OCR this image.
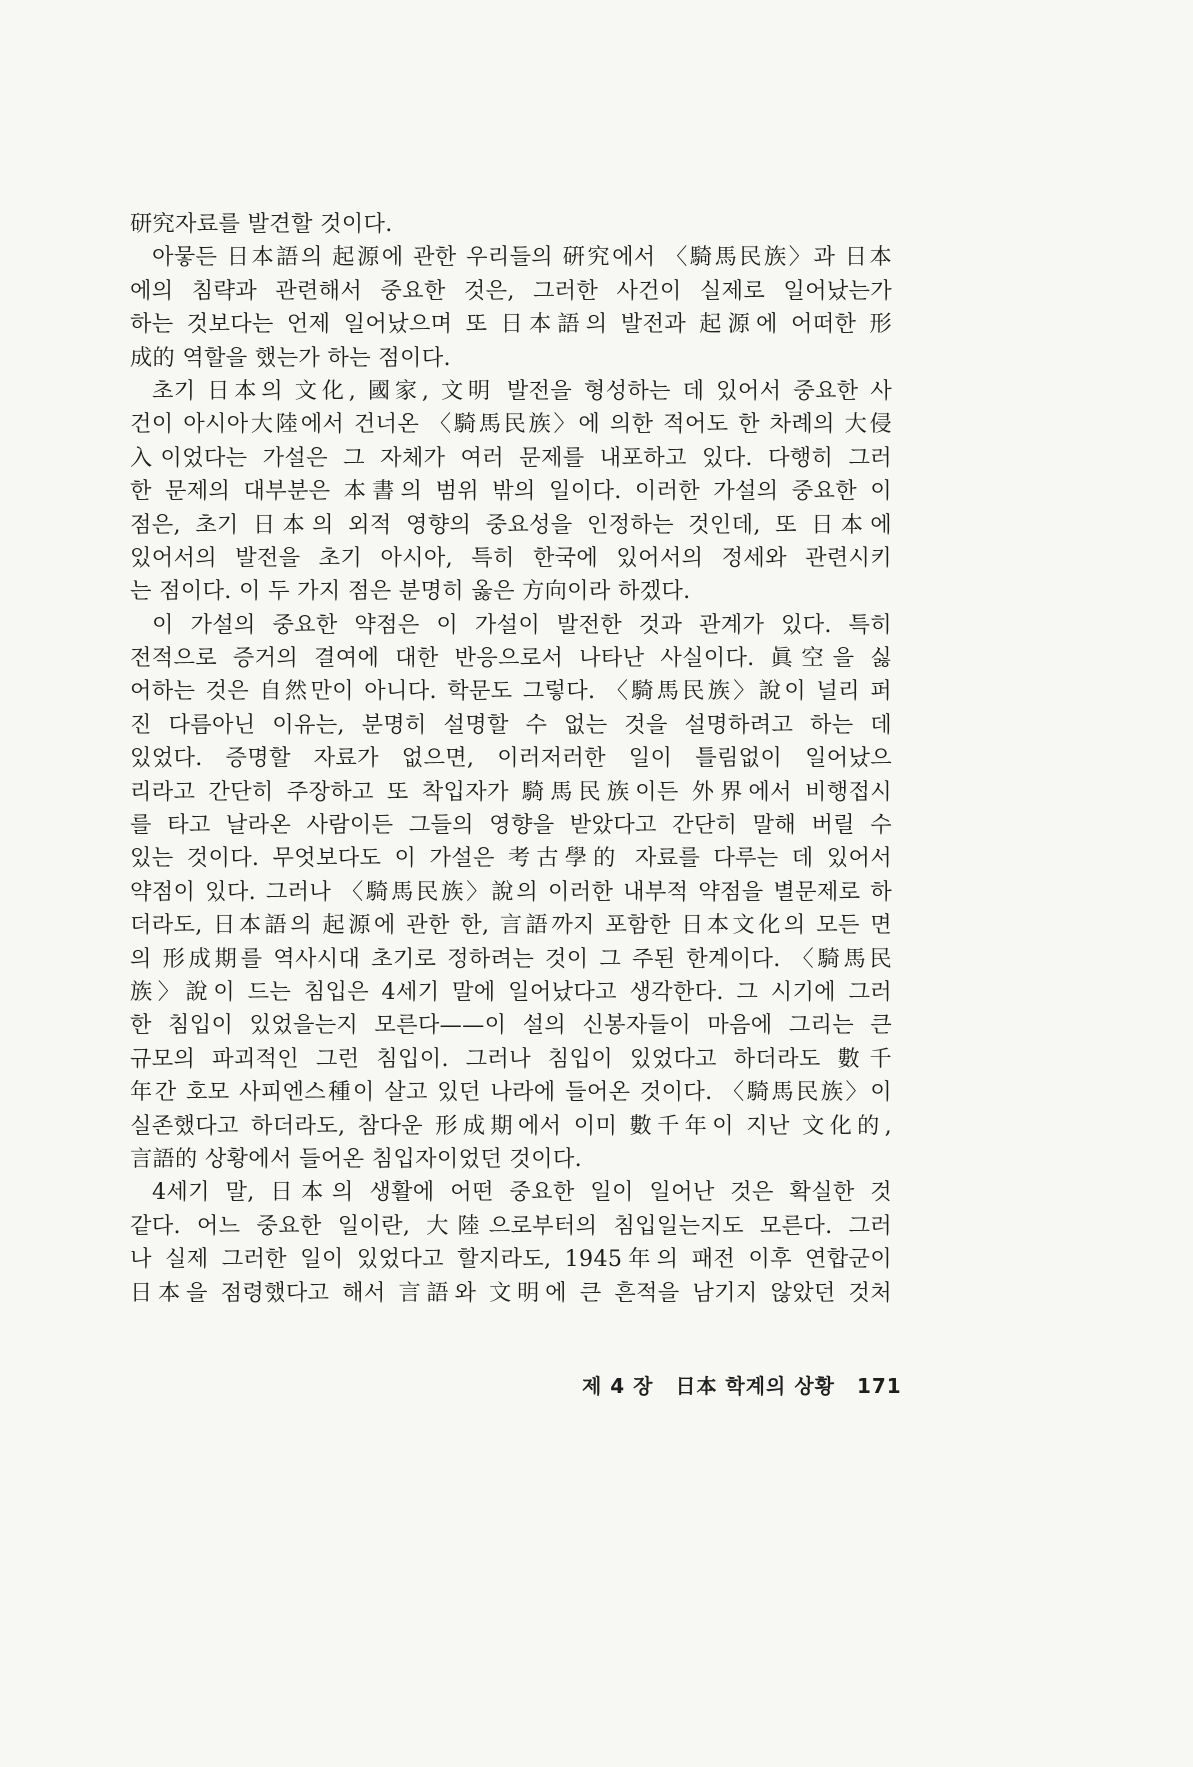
研究자료를 발견할 것이다.
아뭏든 日本語의 起源에 관한 우리들의 硏究에서 〈騎馬民族〉과 日本
에의 침략과 관련해서 중요한 것은, 그러한 사건이 실제로 일어났는가
하는 것보다는 언제 일어났으며 또 日本語의 발전과 起源에 어떠한 形
成的 역할을 했는가 하는 점이다.
초기 日本의 文化, 國家, 文明 발전을 형성하는 데 있어서 중요한 사
건이 아시아大陸에서 건너온 〈騎馬民族〉에 의한 적어도 한 차례의 大侵
入이었다는 가설은 그 자체가 여러 문제를 내포하고 있다. 다행히 그러
한 문제의 대부분은 本書의 범위 밖의 일이다. 이러한 가설의 중요한 이
점은, 초기 日本의 외적 영향의 중요성을 인정하는 것인데, 또 日本에
있어서의 발전을 초기 아시아, 특히 한국에 있어서의 정세와 관련시키
는 점이다. 이 두 가지 점은 분명히 옳은 方向이라 하겠다.
이 가설의 중요한 약점은 이 가설이 발전한 것과 관계가 있다. 특히
전적으로 증거의 결여에 대한 반응으로서 나타난 사실이다. 眞空을 싫
어하는 것은 自然만이 아니다. 학문도 그렇다. 〈騎馬民族〉說이 널리 퍼
진 다름아닌 이유는, 분명히 설명할 수 없는 것을 설명하려고 하는 데
있었다. 증명할 자료가 없으면, 이러저러한 일이 틀림없이 일어났으
리라고 간단히 주장하고 또 착입자가 騎馬民族이든 外界에서 비행접시
를 타고 날라온 사람이든 그들의 영향을 받았다고 간단히 말해 버릴 수
있는 것이다. 무엇보다도 이 가설은 考古學的 자료를 다루는 데 있어서
약점이 있다. 그러나 〈騎馬民族〉說의 이러한 내부적 약점을 별문제로 하
더라도, 日本語의 起源에 관한 한, 言語까지 포함한 日本文化의 모든 면
의 形成期를 역사시대 초기로 정하려는 것이 그 주된 한계이다. 〈騎馬民
族〉說이 드는 침입은 4세기 말에 일어났다고 생각한다. 그 시기에 그러
한 침입이 있었을는지 모른다——이 설의 신봉자들이 마음에 그리는 큰
규모의 파괴적인 그런 침입이. 그러나 침입이 있었다고 하더라도 數千
年간 호모 사피엔스種이 살고 있던 나라에 들어온 것이다. 〈騎馬民族〉이
실존했다고 하더라도, 참다운 形成期에서 이미 數千年이 지난 文化的,
言語的 상황에서 들어온 침입자이었던 것이다.
4세기 말, 日本의 생활에 어떤 중요한 일이 일어난 것은 확실한 것
같다. 어느 중요한 일이란, 大陸으로부터의 침입일는지도 모른다. 그러
나 실제 그러한 일이 있었다고 할지라도, 1945年의 패전 이후 연합군이
日本을 점령했다고 해서 言語와 文明에 큰 흔적을 남기지 않았던 것처
제 4 장 日本 학계의 상황 171
